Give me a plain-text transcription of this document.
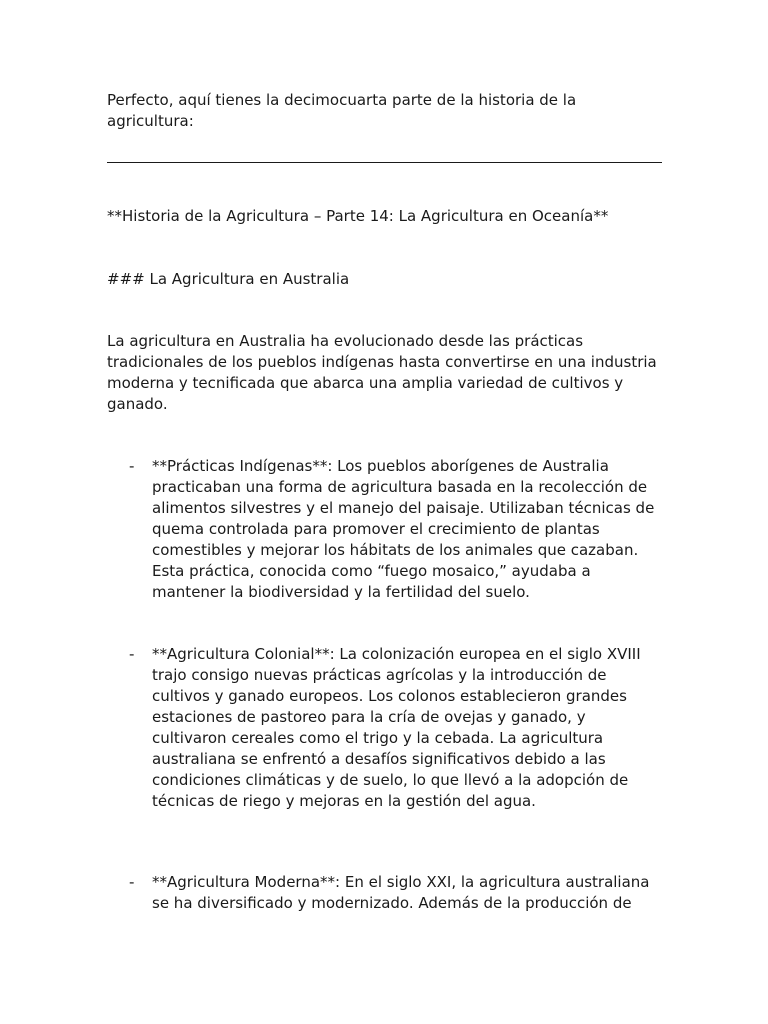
Perfecto, aquí tienes la decimocuarta parte de la historia de la agricultura:

**Historia de la Agricultura – Parte 14: La Agricultura en Oceanía**

### La Agricultura en Australia

La agricultura en Australia ha evolucionado desde las prácticas tradicionales de los pueblos indígenas hasta convertirse en una industria moderna y tecnificada que abarca una amplia variedad de cultivos y ganado.

- **Prácticas Indígenas**: Los pueblos aborígenes de Australia practicaban una forma de agricultura basada en la recolección de alimentos silvestres y el manejo del paisaje. Utilizaban técnicas de quema controlada para promover el crecimiento de plantas comestibles y mejorar los hábitats de los animales que cazaban. Esta práctica, conocida como “fuego mosaico,” ayudaba a mantener la biodiversidad y la fertilidad del suelo.

- **Agricultura Colonial**: La colonización europea en el siglo XVIII trajo consigo nuevas prácticas agrícolas y la introducción de cultivos y ganado europeos. Los colonos establecieron grandes estaciones de pastoreo para la cría de ovejas y ganado, y cultivaron cereales como el trigo y la cebada. La agricultura australiana se enfrentó a desafíos significativos debido a las condiciones climáticas y de suelo, lo que llevó a la adopción de técnicas de riego y mejoras en la gestión del agua.

- **Agricultura Moderna**: En el siglo XXI, la agricultura australiana se ha diversificado y modernizado. Además de la producción de
